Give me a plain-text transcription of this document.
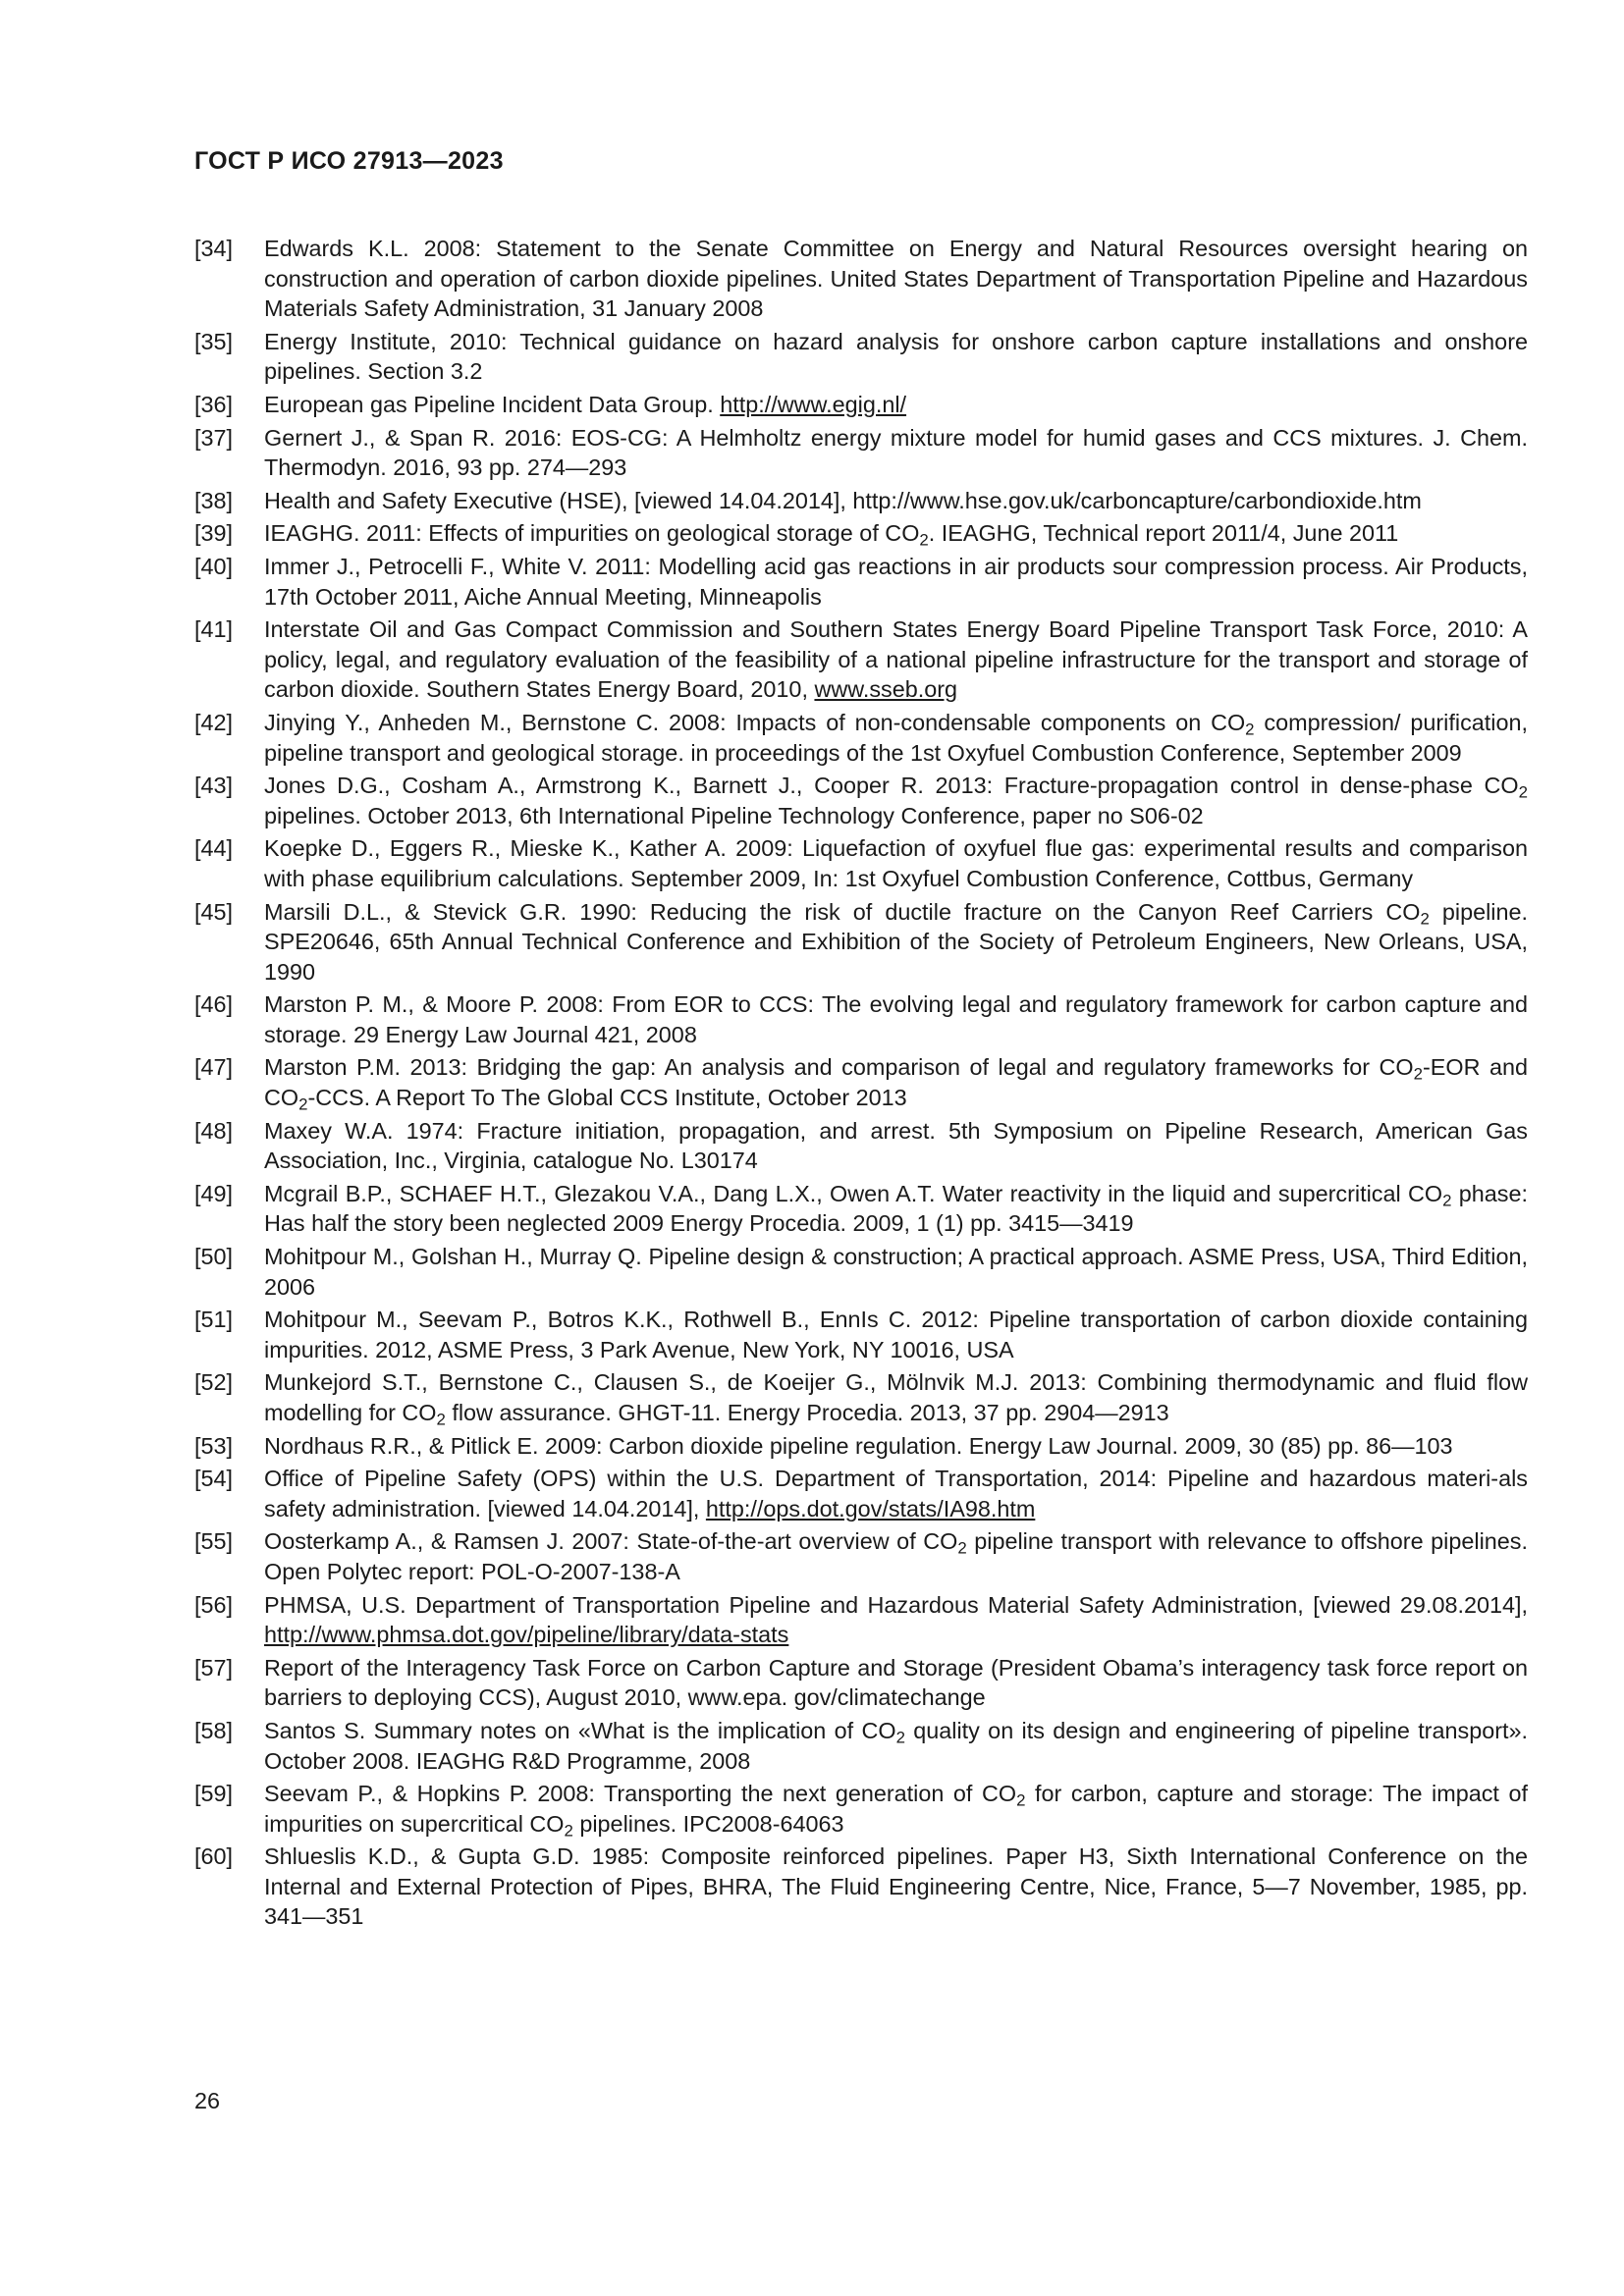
ГОСТ Р ИСО 27913—2023
[34]	Edwards K.L. 2008: Statement to the Senate Committee on Energy and Natural Resources oversight hearing on construction and operation of carbon dioxide pipelines. United States Department of Transportation Pipeline and Hazardous Materials Safety Administration, 31 January 2008
[35]	Energy Institute, 2010: Technical guidance on hazard analysis for onshore carbon capture installations and onshore pipelines. Section 3.2
[36]	European gas Pipeline Incident Data Group. http://www.egig.nl/
[37]	Gernert J., & Span R. 2016: EOS-CG: A Helmholtz energy mixture model for humid gases and CCS mixtures. J. Chem. Thermodyn. 2016, 93 pp. 274—293
[38]	Health and Safety Executive (HSE), [viewed 14.04.2014], http://www.hse.gov.uk/carboncapture/carbondioxide.htm
[39]	IEAGHG. 2011: Effects of impurities on geological storage of $CO_2$. IEAGHG, Technical report 2011/4, June 2011
[40]	Immer J., Petrocelli F., White V. 2011: Modelling acid gas reactions in air products sour compression process. Air Products, 17th October 2011, Aiche Annual Meeting, Minneapolis
[41]	Interstate Oil and Gas Compact Commission and Southern States Energy Board Pipeline Transport Task Force, 2010: A policy, legal, and regulatory evaluation of the feasibility of a national pipeline infrastructure for the transport and storage of carbon dioxide. Southern States Energy Board, 2010, www.sseb.org
[42]	Jinying Y., Anheden M., Bernstone C. 2008: Impacts of non-condensable components on $CO_2$ compression/ purification, pipeline transport and geological storage. in proceedings of the 1st Oxyfuel Combustion Conference, September 2009
[43]	Jones D.G., Cosham A., Armstrong K., Barnett J., Cooper R. 2013: Fracture-propagation control in dense-phase $CO_2$ pipelines. October 2013, 6th International Pipeline Technology Conference, paper no S06-02
[44]	Koepke D., Eggers R., Mieske K., Kather A. 2009: Liquefaction of oxyfuel flue gas: experimental results and comparison with phase equilibrium calculations. September 2009, In: 1st Oxyfuel Combustion Conference, Cottbus, Germany
[45]	Marsili D.L., & Stevick G.R. 1990: Reducing the risk of ductile fracture on the Canyon Reef Carriers $CO_2$ pipeline. SPE20646, 65th Annual Technical Conference and Exhibition of the Society of Petroleum Engineers, New Orleans, USA, 1990
[46]	Marston P. M., & Moore P. 2008: From EOR to CCS: The evolving legal and regulatory framework for carbon capture and storage. 29 Energy Law Journal 421, 2008
[47]	Marston P.M. 2013: Bridging the gap: An analysis and comparison of legal and regulatory frameworks for $CO_2$-EOR and $CO_2$-CCS. A Report To The Global CCS Institute, October 2013
[48]	Maxey W.A. 1974: Fracture initiation, propagation, and arrest. 5th Symposium on Pipeline Research, American Gas Association, Inc., Virginia, catalogue No. L30174
[49]	Mcgrail B.P., SCHAEF H.T., Glezakou V.A., Dang L.X., Owen A.T. Water reactivity in the liquid and supercritical $CO_2$ phase: Has half the story been neglected 2009 Energy Procedia. 2009, 1 (1) pp. 3415—3419
[50]	Mohitpour M., Golshan H., Murray Q. Pipeline design & construction; A practical approach. ASME Press, USA, Third Edition, 2006
[51]	Mohitpour M., Seevam P., Botros K.K., Rothwell B., EnnIs C. 2012: Pipeline transportation of carbon dioxide containing impurities. 2012, ASME Press, 3 Park Avenue, New York, NY 10016, USA
[52]	Munkejord S.T., Bernstone C., Clausen S., de Koeijer G., Mölnvik M.J. 2013: Combining thermodynamic and fluid flow modelling for $CO_2$ flow assurance. GHGT-11. Energy Procedia. 2013, 37 pp. 2904—2913
[53]	Nordhaus R.R., & Pitlick E. 2009: Carbon dioxide pipeline regulation. Energy Law Journal. 2009, 30 (85) pp. 86—103
[54]	Office of Pipeline Safety (OPS) within the U.S. Department of Transportation, 2014: Pipeline and hazardous materi-als safety administration. [viewed 14.04.2014], http://ops.dot.gov/stats/IA98.htm
[55]	Oosterkamp A., & Ramsen J. 2007: State-of-the-art overview of $CO_2$ pipeline transport with relevance to offshore pipelines. Open Polytec report: POL-O-2007-138-A
[56]	PHMSA, U.S. Department of Transportation Pipeline and Hazardous Material Safety Administration, [viewed 29.08.2014], http://www.phmsa.dot.gov/pipeline/library/data-stats
[57]	Report of the Interagency Task Force on Carbon Capture and Storage (President Obama’s interagency task force report on barriers to deploying CCS), August 2010, www.epa. gov/climatechange
[58]	Santos S. Summary notes on «What is the implication of $CO_2$ quality on its design and engineering of pipeline transport». October 2008. IEAGHG R&D Programme, 2008
[59]	Seevam P., & Hopkins P. 2008: Transporting the next generation of $CO_2$ for carbon, capture and storage: The impact of impurities on supercritical $CO_2$ pipelines. IPC2008-64063
[60]	Shlueslis K.D., & Gupta G.D. 1985: Composite reinforced pipelines. Paper H3, Sixth International Conference on the Internal and External Protection of Pipes, BHRA, The Fluid Engineering Centre, Nice, France, 5—7 November, 1985, pp. 341—351
26
